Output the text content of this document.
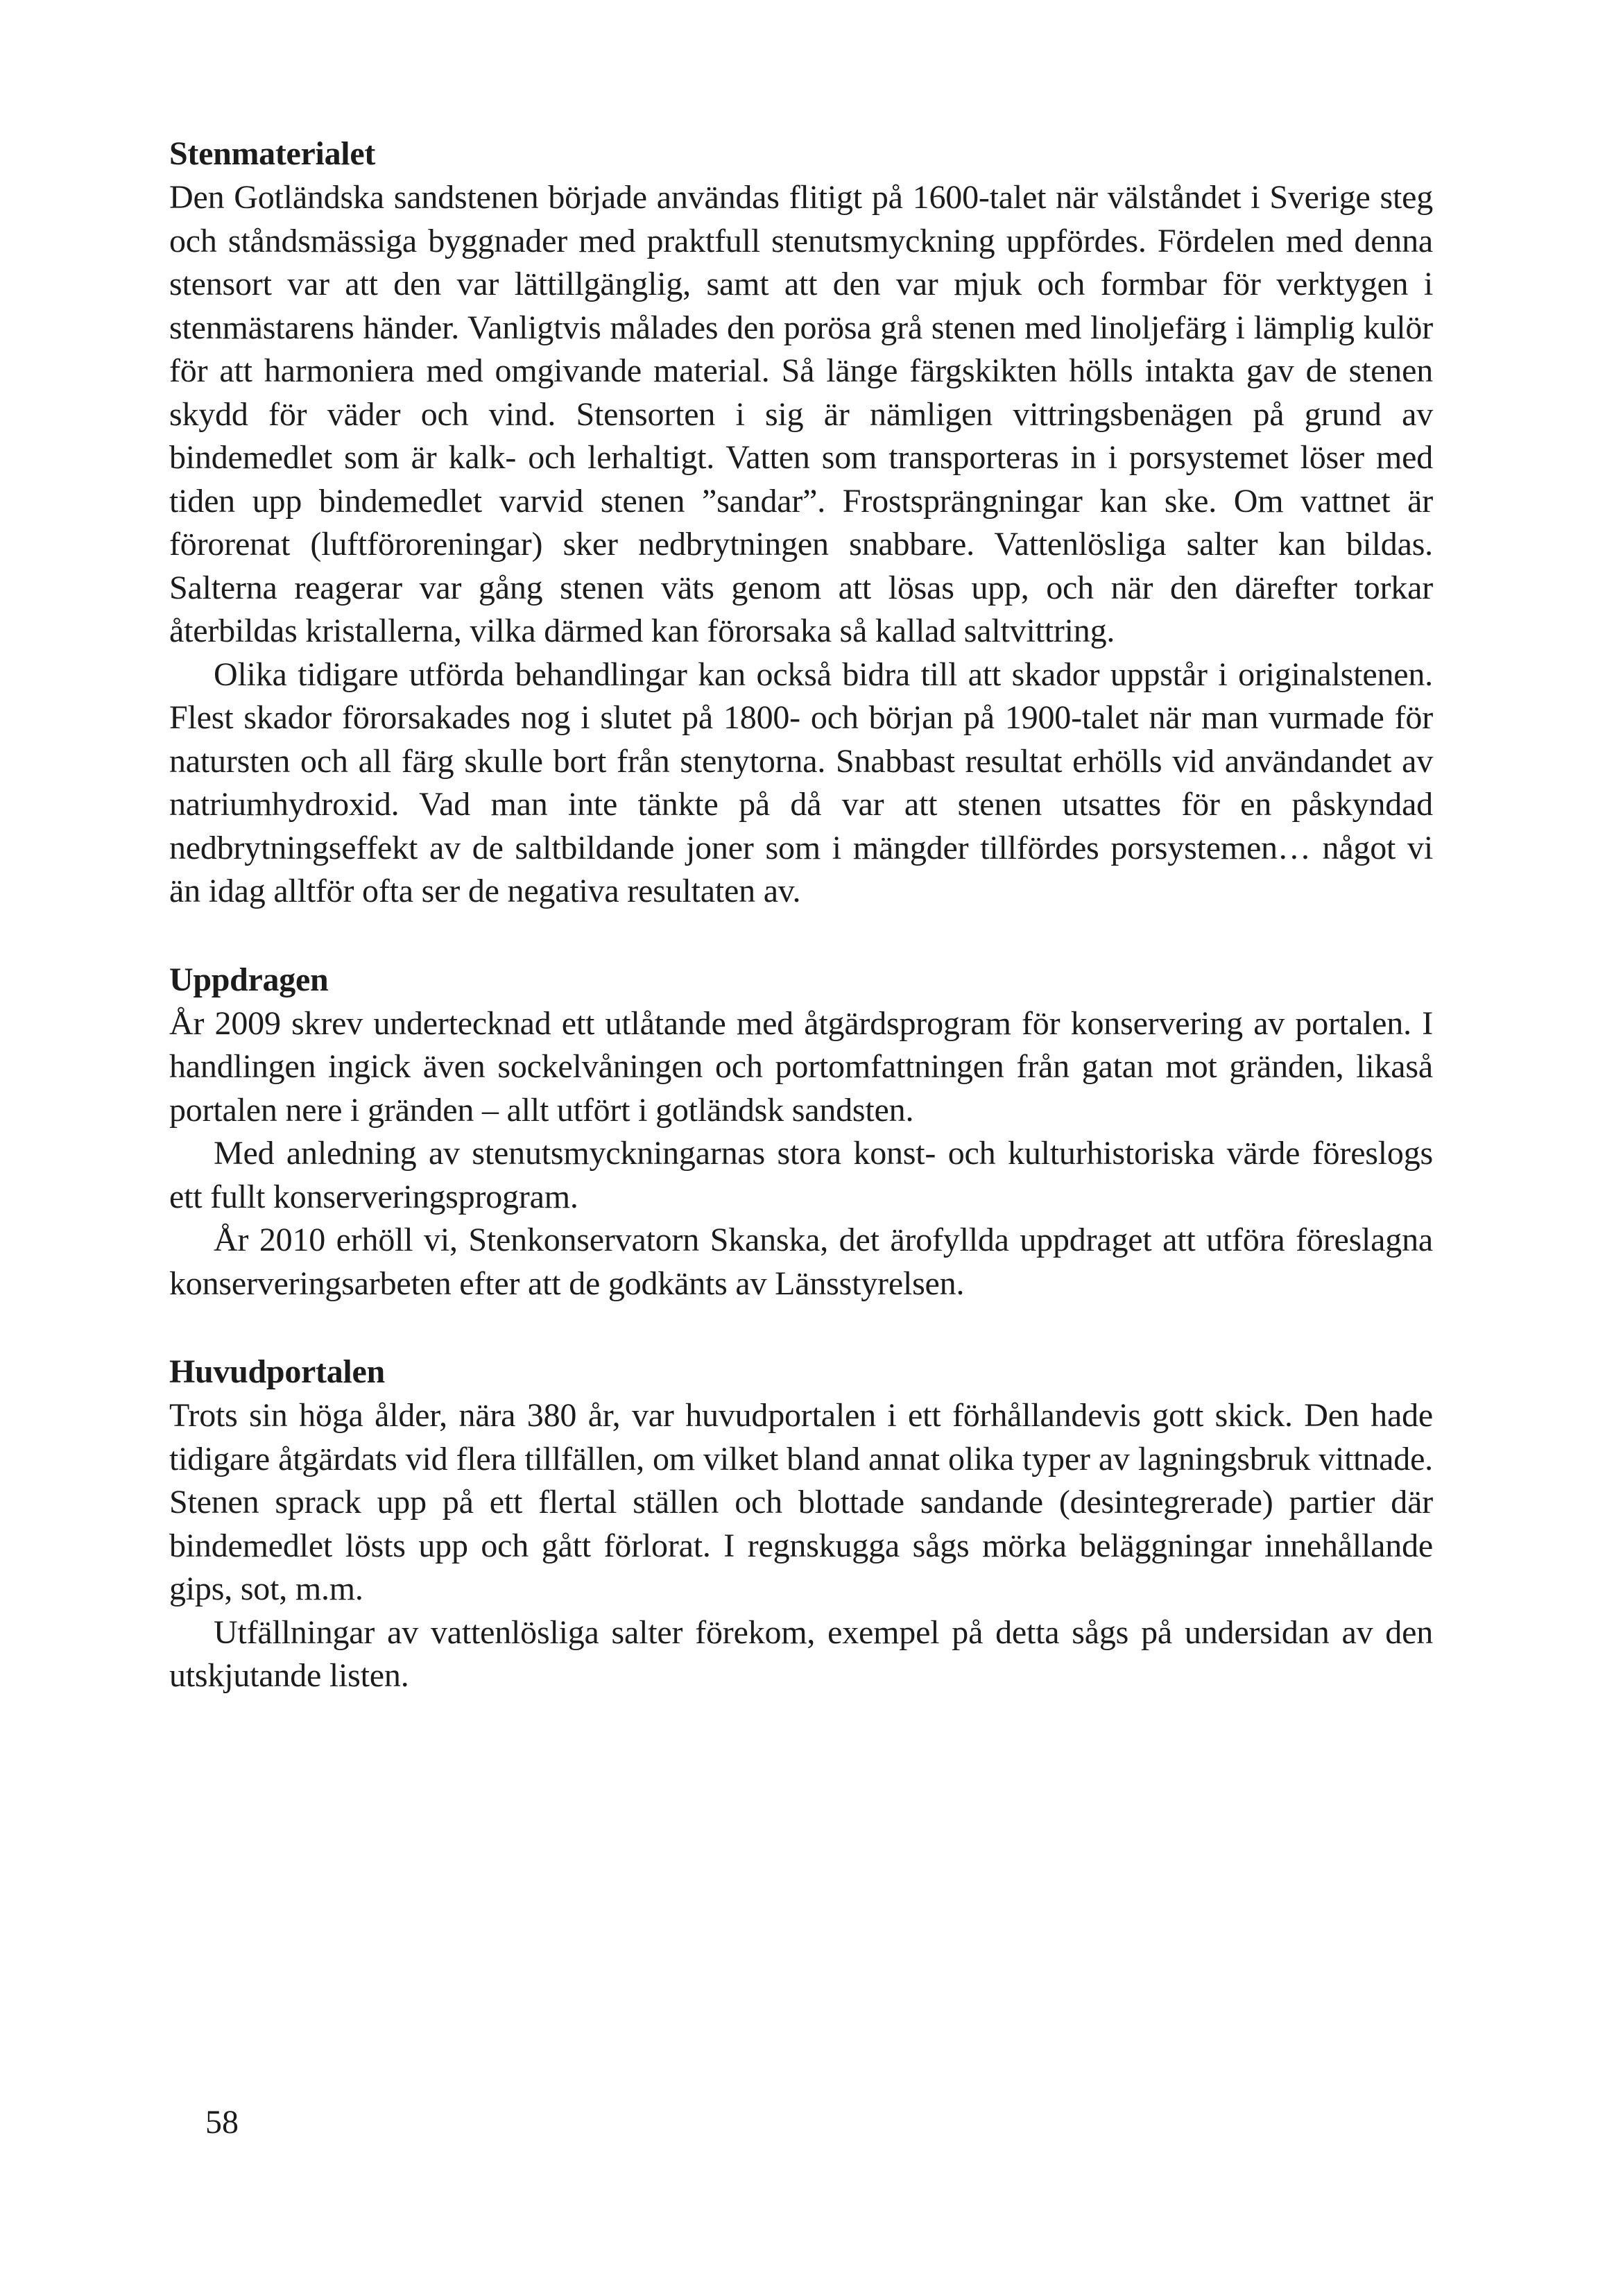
Stenmaterialet

Den Gotländska sandstenen började användas flitigt på 1600-talet när välståndet i Sverige steg och ståndsmässiga byggnader med praktfull stenutsmyckning uppfördes. Fördelen med denna stensort var att den var lättillgänglig, samt att den var mjuk och formbar för verktygen i stenmästarens händer. Vanligtvis målades den porösa grå stenen med linoljefärg i lämplig kulör för att harmoniera med omgivande material. Så länge färgskikten hölls intakta gav de stenen skydd för väder och vind. Stensorten i sig är nämligen vittringsbenägen på grund av bindemedlet som är kalk- och lerhaltigt. Vatten som transporteras in i porsystemet löser med tiden upp bindemedlet varvid stenen ”sandar”. Frostsprängningar kan ske. Om vattnet är förorenat (luftföroreningar) sker nedbrytningen snabbare. Vattenlösliga salter kan bildas. Salterna reagerar var gång stenen väts genom att lösas upp, och när den därefter torkar återbildas kristallerna, vilka därmed kan förorsaka så kallad saltvittring.

Olika tidigare utförda behandlingar kan också bidra till att skador uppstår i originalstenen. Flest skador förorsakades nog i slutet på 1800- och början på 1900-talet när man vurmade för natursten och all färg skulle bort från stenytorna. Snabbast resultat erhölls vid användandet av natriumhydroxid. Vad man inte tänkte på då var att stenen utsattes för en påskyndad nedbrytningseffekt av de saltbildande joner som i mängder tillfördes porsystemen… något vi än idag alltför ofta ser de negativa resultaten av.

Uppdragen

År 2009 skrev undertecknad ett utlåtande med åtgärdsprogram för konservering av portalen. I handlingen ingick även sockelvåningen och portomfattningen från gatan mot gränden, likaså portalen nere i gränden – allt utfört i gotländsk sandsten.

Med anledning av stenutsmyckningarnas stora konst- och kulturhistoriska värde föreslogs ett fullt konserveringsprogram.

År 2010 erhöll vi, Stenkonservatorn Skanska, det ärofyllda uppdraget att utföra föreslagna konserveringsarbeten efter att de godkänts av Länsstyrelsen.

Huvudportalen

Trots sin höga ålder, nära 380 år, var huvudportalen i ett förhållandevis gott skick. Den hade tidigare åtgärdats vid flera tillfällen, om vilket bland annat olika typer av lagningsbruk vittnade. Stenen sprack upp på ett flertal ställen och blottade sandande (desintegrerade) partier där bindemedlet lösts upp och gått förlorat. I regnskugga sågs mörka beläggningar innehållande gips, sot, m.m.

Utfällningar av vattenlösliga salter förekom, exempel på detta sågs på undersidan av den utskjutande listen.

58
